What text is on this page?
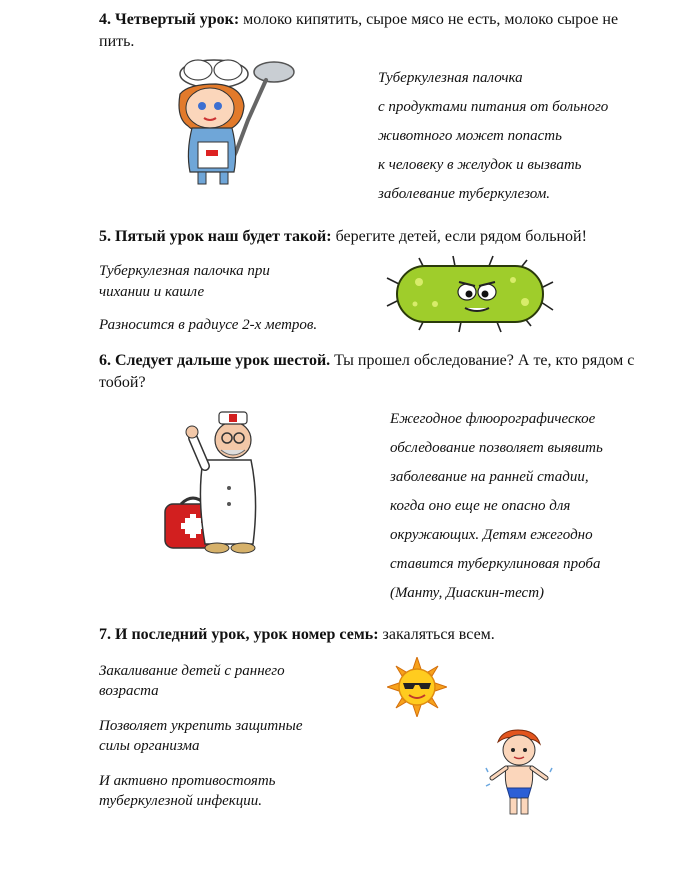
4. Четвертый урок: молоко кипятить, сырое мясо не есть, молоко сырое не пить.

Туберкулезная палочка

с продуктами питания от больного

животного может попасть

к человеку в желудок и вызвать

заболевание туберкулезом.

5. Пятый урок наш будет такой: берегите детей, если рядом больной!

Туберкулезная палочка при

чихании и кашле

Разносится в радиусе 2-х метров.

6. Следует дальше урок шестой. Ты прошел обследование? А те, кто рядом с тобой?

Ежегодное флюорографическое

обследование позволяет выявить

заболевание на ранней стадии,

когда оно еще не опасно для

окружающих. Детям ежегодно

ставится туберкулиновая проба

(Манту, Диаскин-тест)

7. И последний урок, урок номер семь: закаляться всем.

Закаливание детей с раннего

возраста

Позволяет укрепить защитные

силы организма

И активно противостоять

туберкулезной инфекции.
